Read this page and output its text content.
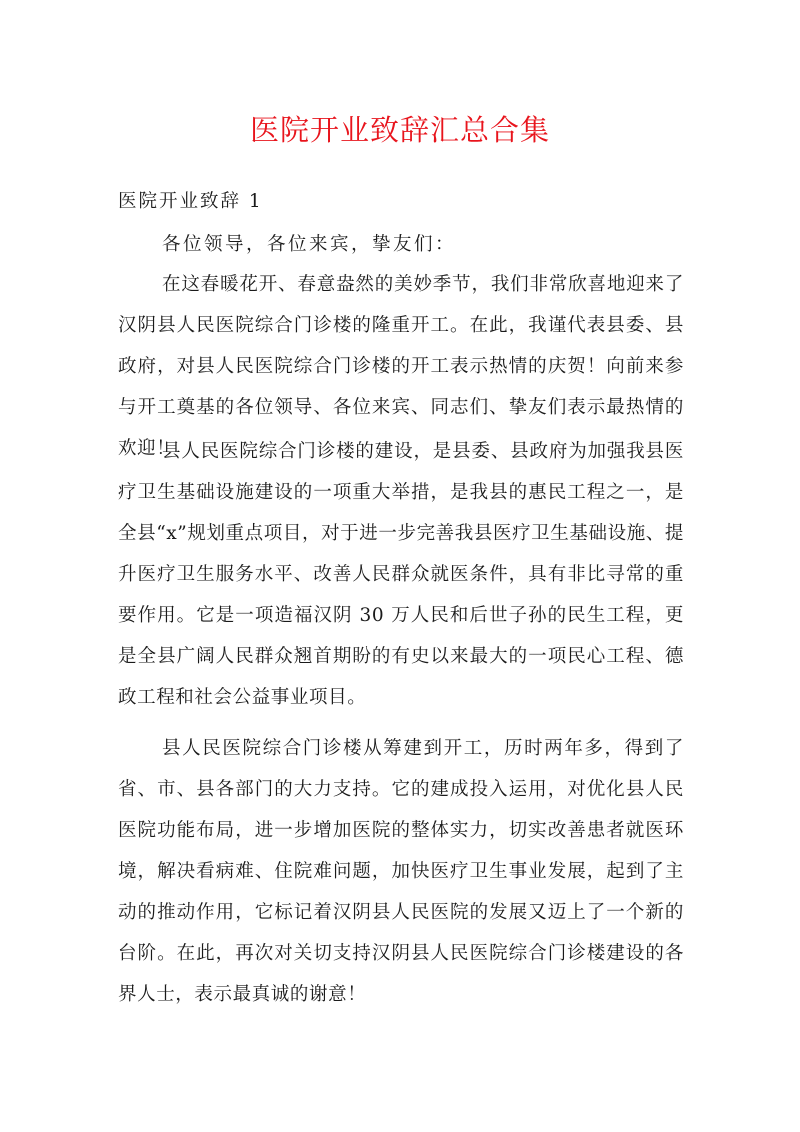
医院开业致辞汇总合集
医院开业致辞 1

各位领导，各位来宾，挚友们：

在这春暖花开、春意盎然的美妙季节，我们非常欣喜地迎来了汉阴县人民医院综合门诊楼的隆重开工。在此，我谨代表县委、县政府，对县人民医院综合门诊楼的开工表示热情的庆贺！向前来参与开工奠基的各位领导、各位来宾、同志们、挚友们表示最热情的欢迎！

县人民医院综合门诊楼的建设，是县委、县政府为加强我县医疗卫生基础设施建设的一项重大举措，是我县的惠民工程之一，是全县“x”规划重点项目，对于进一步完善我县医疗卫生基础设施、提升医疗卫生服务水平、改善人民群众就医条件，具有非比寻常的重要作用。它是一项造福汉阴 30 万人民和后世子孙的民生工程，更是全县广阔人民群众翘首期盼的有史以来最大的一项民心工程、德政工程和社会公益事业项目。

县人民医院综合门诊楼从筹建到开工，历时两年多，得到了省、市、县各部门的大力支持。它的建成投入运用，对优化县人民医院功能布局，进一步增加医院的整体实力，切实改善患者就医环境，解决看病难、住院难问题，加快医疗卫生事业发展，起到了主动的推动作用，它标记着汉阴县人民医院的发展又迈上了一个新的台阶。在此，再次对关切支持汉阴县人民医院综合门诊楼建设的各界人士，表示最真诚的谢意！
